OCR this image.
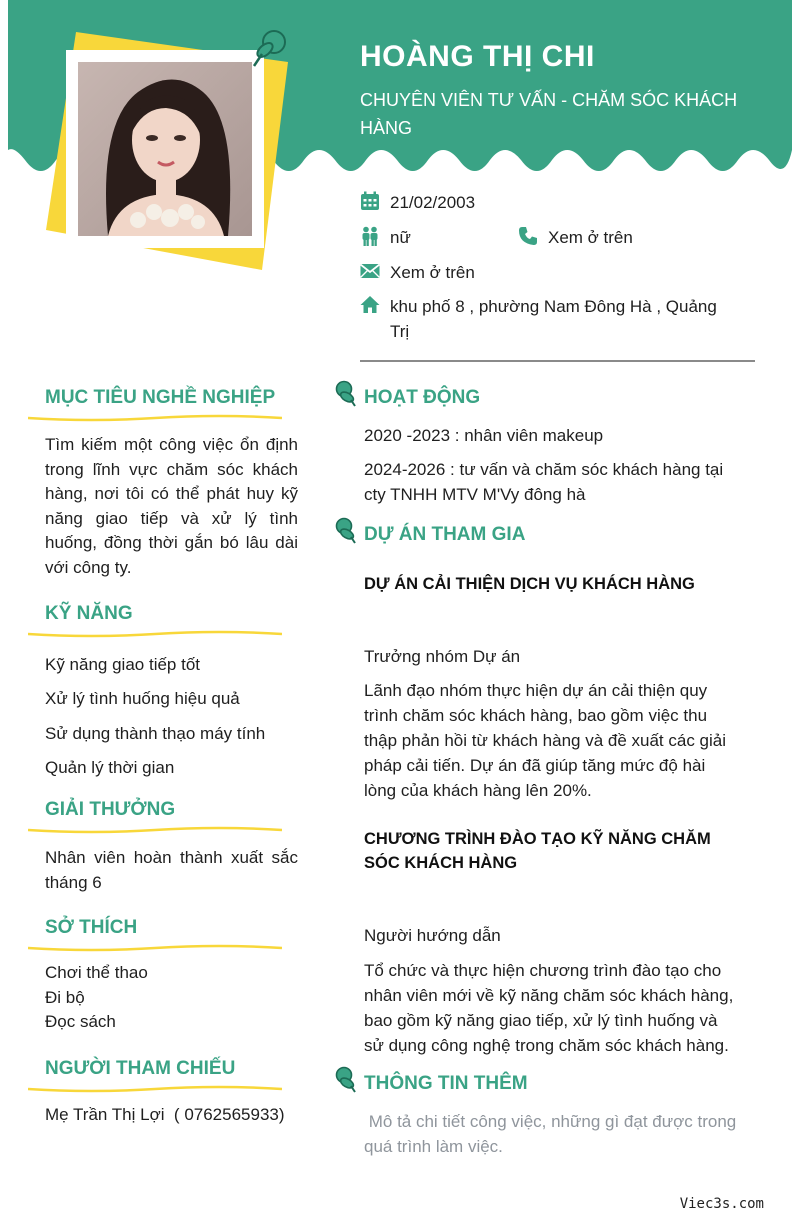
HOÀNG THỊ CHI
CHUYÊN VIÊN TƯ VẤN - CHĂM SÓC KHÁCH HÀNG
21/02/2003
nữ	Xem ở trên
Xem ở trên
khu phố 8 , phường Nam Đông Hà , Quảng Trị
MỤC TIÊU NGHỀ NGHIỆP
Tìm kiếm một công việc ổn định trong lĩnh vực chăm sóc khách hàng, nơi tôi có thể phát huy kỹ năng giao tiếp và xử lý tình huống, đồng thời gắn bó lâu dài với công ty.
KỸ NĂNG
Kỹ năng giao tiếp tốt
Xử lý tình huống hiệu quả
Sử dụng thành thạo máy tính
Quản lý thời gian
GIẢI THƯỞNG
Nhân viên hoàn thành xuất sắc tháng 6
SỞ THÍCH
Chơi thể thao
Đi bộ
Đọc sách
NGƯỜI THAM CHIẾU
Mẹ Trần Thị Lợi  ( 0762565933)
HOẠT ĐỘNG
2020 -2023 : nhân viên makeup
2024-2026 : tư vấn và chăm sóc khách hàng tại cty TNHH MTV M'Vy đông hà
DỰ ÁN THAM GIA
DỰ ÁN CẢI THIỆN DỊCH VỤ KHÁCH HÀNG
Trưởng nhóm Dự án
Lãnh đạo nhóm thực hiện dự án cải thiện quy trình chăm sóc khách hàng, bao gồm việc thu thập phản hồi từ khách hàng và đề xuất các giải pháp cải tiến. Dự án đã giúp tăng mức độ hài lòng của khách hàng lên 20%.
CHƯƠNG TRÌNH ĐÀO TẠO KỸ NĂNG CHĂM SÓC KHÁCH HÀNG
Người hướng dẫn
Tổ chức và thực hiện chương trình đào tạo cho nhân viên mới về kỹ năng chăm sóc khách hàng, bao gồm kỹ năng giao tiếp, xử lý tình huống và sử dụng công nghệ trong chăm sóc khách hàng.
THÔNG TIN THÊM
Mô tả chi tiết công việc, những gì đạt được trong quá trình làm việc.
Viec3s.com
